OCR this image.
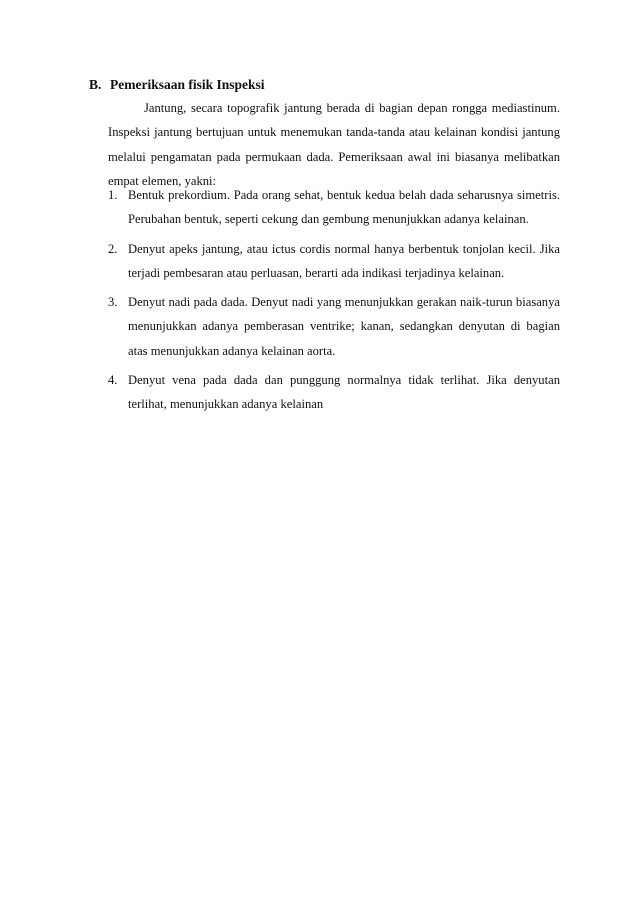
B. Pemeriksaan fisik Inspeksi

Jantung, secara topografik jantung berada di bagian depan rongga mediastinum. Inspeksi jantung bertujuan untuk menemukan tanda-tanda atau kelainan kondisi jantung melalui pengamatan pada permukaan dada. Pemeriksaan awal ini biasanya melibatkan empat elemen, yakni:

1. Bentuk prekordium. Pada orang sehat, bentuk kedua belah dada seharusnya simetris. Perubahan bentuk, seperti cekung dan gembung menunjukkan adanya kelainan.
2. Denyut apeks jantung, atau ictus cordis normal hanya berbentuk tonjolan kecil. Jika terjadi pembesaran atau perluasan, berarti ada indikasi terjadinya kelainan.
3. Denyut nadi pada dada. Denyut nadi yang menunjukkan gerakan naik-turun biasanya menunjukkan adanya pemberasan ventrike; kanan, sedangkan denyutan di bagian atas menunjukkan adanya kelainan aorta.
4. Denyut vena pada dada dan punggung normalnya tidak terlihat. Jika denyutan terlihat, menunjukkan adanya kelainan
